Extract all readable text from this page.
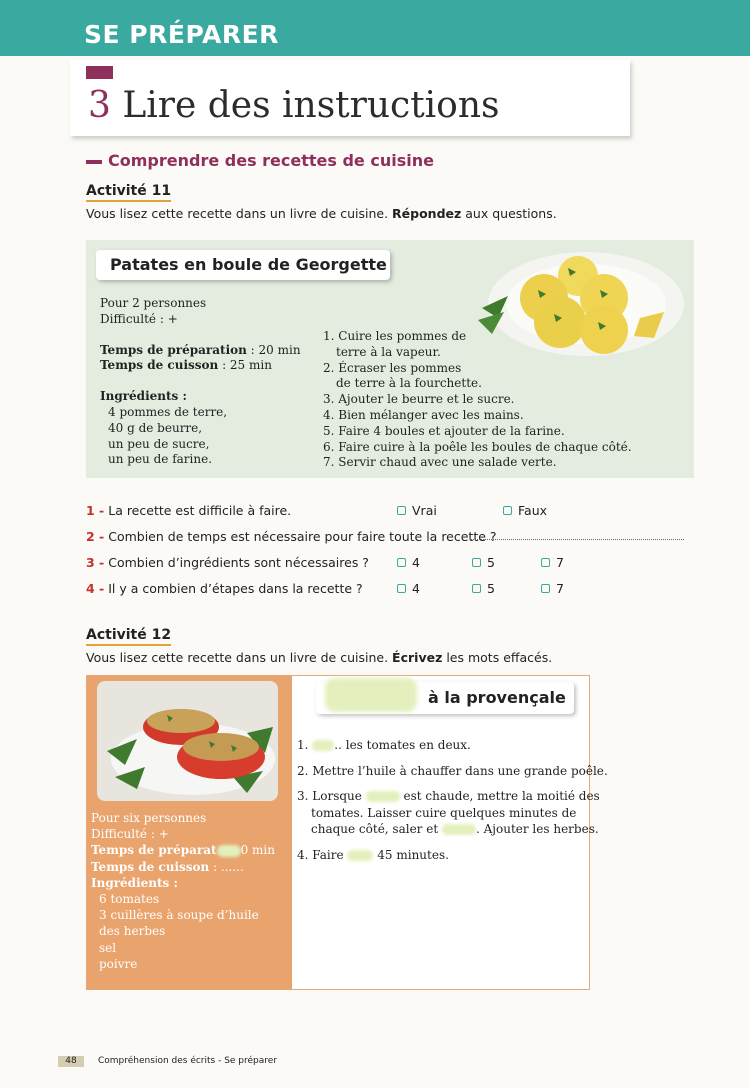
SE PRÉPARER
3 Lire des instructions
Comprendre des recettes de cuisine
Activité 11
Vous lisez cette recette dans un livre de cuisine. Répondez aux questions.
Patates en boule de Georgette
Pour 2 personnes
Difficulté : +
Temps de préparation : 20 min
Temps de cuisson : 25 min
Ingrédients :
4 pommes de terre,
40 g de beurre,
un peu de sucre,
un peu de farine.
1. Cuire les pommes de
terre à la vapeur.
2. Écraser les pommes
de terre à la fourchette.
3. Ajouter le beurre et le sucre.
4. Bien mélanger avec les mains.
5. Faire 4 boules et ajouter de la farine.
6. Faire cuire à la poêle les boules de chaque côté.
7. Servir chaud avec une salade verte.
1 - La recette est difficile à faire.	Vrai	Faux
2 - Combien de temps est nécessaire pour faire toute la recette ?
3 - Combien d’ingrédients sont nécessaires ?	4	5	7
4 - Il y a combien d’étapes dans la recette ?	4	5	7
Activité 12
Vous lisez cette recette dans un livre de cuisine. Écrivez les mots effacés.
Pour six personnes
Difficulté : +
Temps de préparat 0 min
Temps de cuisson : ......
Ingrédients :
6 tomates
3 cuillères à soupe d’huile
des herbes
sel
poivre
à la provençale

1. .. les tomates en deux.

2. Mettre l’huile à chauffer dans une grande poêle.

3. Lorsque	est chaude, mettre la moitié des
tomates. Laisser cuire quelques minutes de
chaque côté, saler et	. Ajouter les herbes.

4. Faire	45 minutes.

48	Compréhension des écrits - Se préparer
